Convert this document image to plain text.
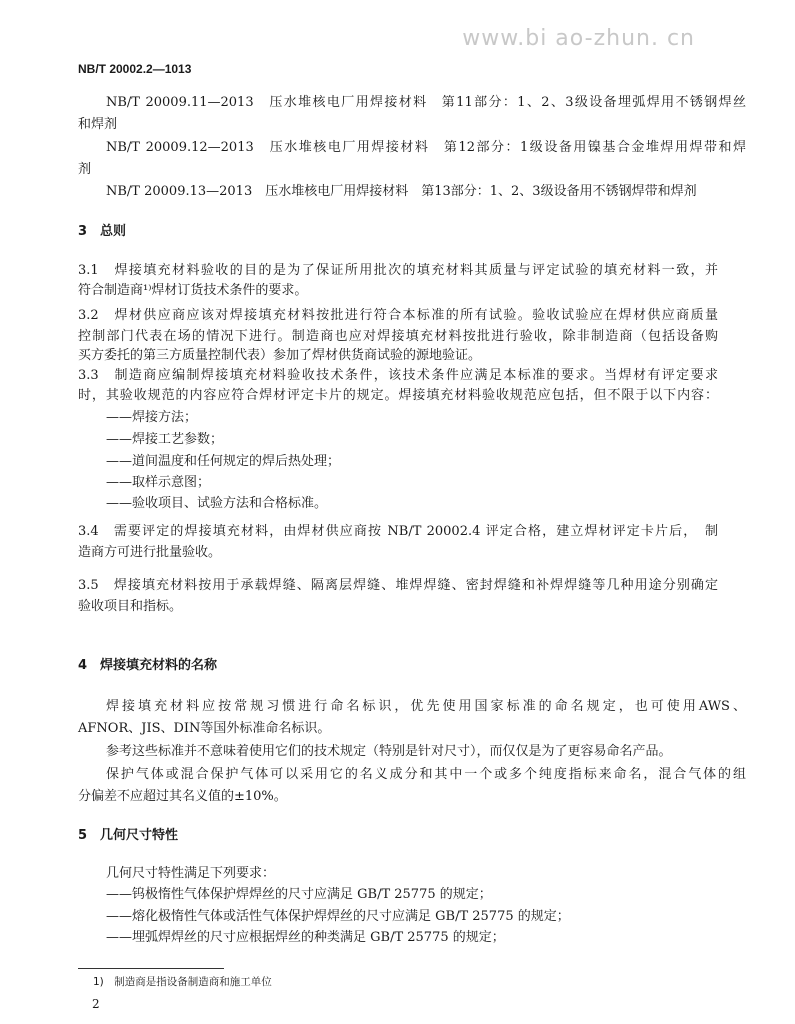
www.bi ao-zhun. cn
NB/T 20002.2—1013
NB/T 20009.11—2013　压水堆核电厂用焊接材料　第11部分：1、2、3级设备埋弧焊用不锈钢焊丝
和焊剂
NB/T 20009.12—2013　压水堆核电厂用焊接材料　第12部分：1级设备用镍基合金堆焊用焊带和焊
剂
NB/T 20009.13—2013　压水堆核电厂用焊接材料　第13部分：1、2、3级设备用不锈钢焊带和焊剂
3　总则
3.1　焊接填充材料验收的目的是为了保证所用批次的填充材料其质量与评定试验的填充材料一致，并
符合制造商¹⁾焊材订货技术条件的要求。
3.2　焊材供应商应该对焊接填充材料按批进行符合本标准的所有试验。验收试验应在焊材供应商质量
控制部门代表在场的情况下进行。制造商也应对焊接填充材料按批进行验收，除非制造商（包括设备购
买方委托的第三方质量控制代表）参加了焊材供货商试验的源地验证。
3.3　制造商应编制焊接填充材料验收技术条件，该技术条件应满足本标准的要求。当焊材有评定要求
时，其验收规范的内容应符合焊材评定卡片的规定。焊接填充材料验收规范应包括，但不限于以下内容：
——焊接方法；
——焊接工艺参数；
——道间温度和任何规定的焊后热处理；
——取样示意图；
——验收项目、试验方法和合格标准。
3.4　需要评定的焊接填充材料，由焊材供应商按 NB/T 20002.4 评定合格，建立焊材评定卡片后，　制
造商方可进行批量验收。
3.5　焊接填充材料按用于承载焊缝、隔离层焊缝、堆焊焊缝、密封焊缝和补焊焊缝等几种用途分别确定
验收项目和指标。
4　焊接填充材料的名称
焊接填充材料应按常规习惯进行命名标识，优先使用国家标准的命名规定，也可使用AWS、
AFNOR、JIS、DIN等国外标准命名标识。
参考这些标准并不意味着使用它们的技术规定（特别是针对尺寸），而仅仅是为了更容易命名产品。
保护气体或混合保护气体可以采用它的名义成分和其中一个或多个纯度指标来命名，混合气体的组
分偏差不应超过其名义值的±10%。
5　几何尺寸特性
几何尺寸特性满足下列要求：
——钨极惰性气体保护焊焊丝的尺寸应满足 GB/T 25775 的规定；
——熔化极惰性气体或活性气体保护焊焊丝的尺寸应满足 GB/T 25775 的规定；
——埋弧焊焊丝的尺寸应根据焊丝的种类满足 GB/T 25775 的规定；
1)　制造商是指设备制造商和施工单位
2
